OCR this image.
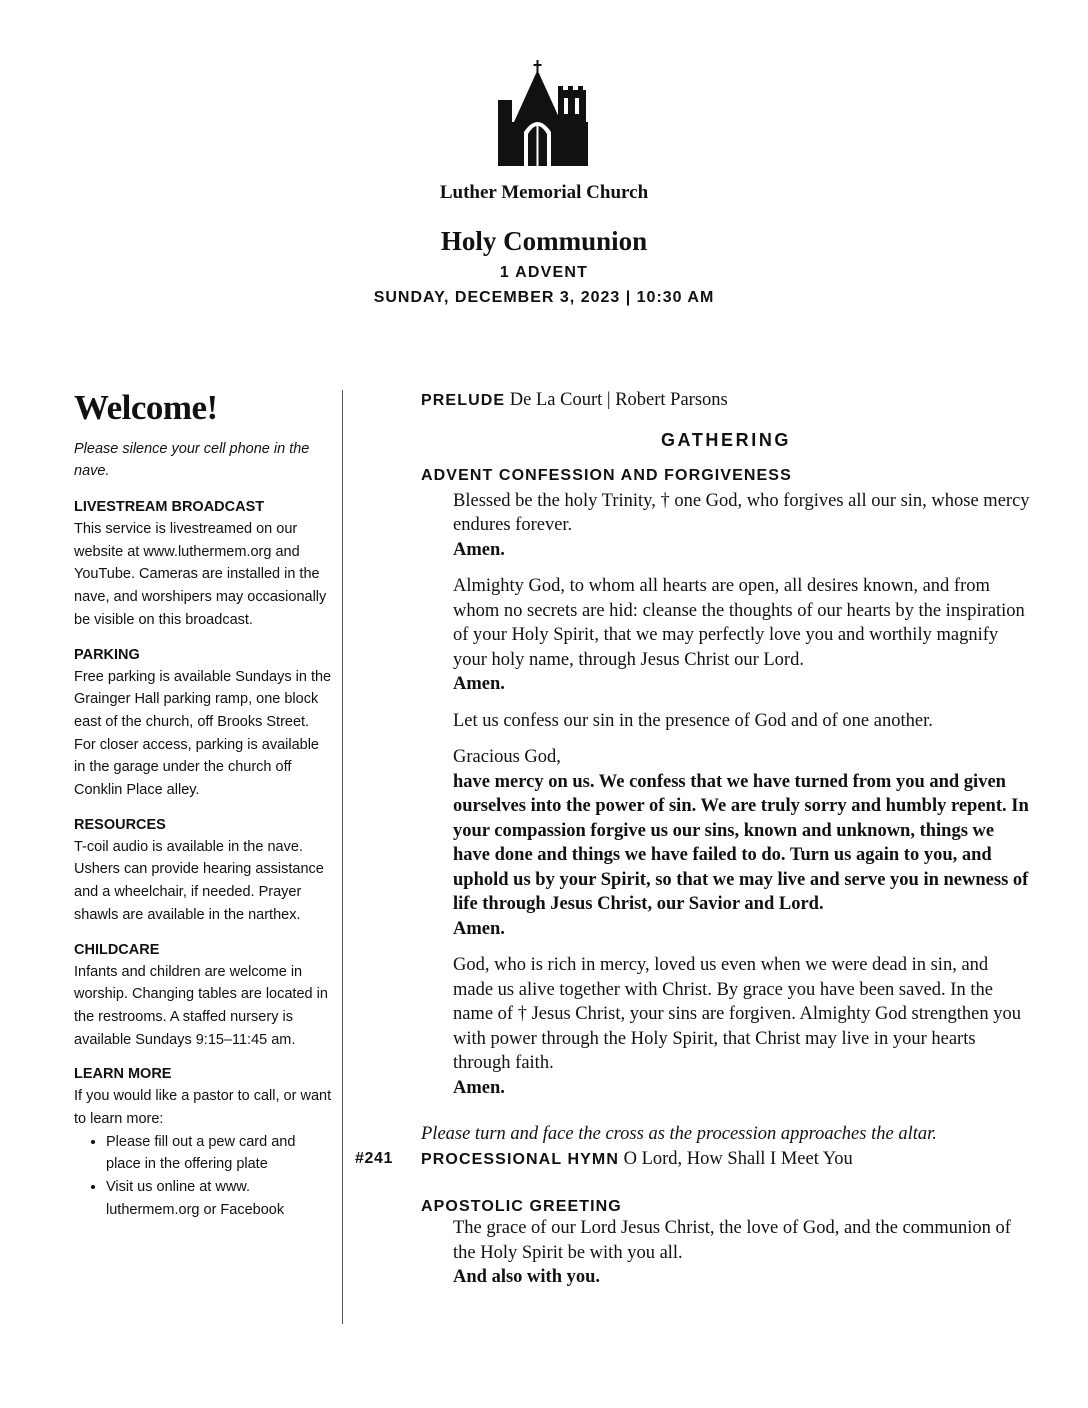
Luther Memorial Church
Holy Communion
1 ADVENT
SUNDAY, DECEMBER 3, 2023 | 10:30 AM
Welcome!

Please silence your cell phone in the nave.

LIVESTREAM BROADCAST

This service is livestreamed on our website at www.luthermem.org and YouTube. Cameras are installed in the nave, and worshipers may occasionally be visible on this broadcast.

PARKING

Free parking is available Sundays in the Grainger Hall parking ramp, one block east of the church, off Brooks Street. For closer access, parking is available in the garage under the church off Conklin Place alley.

RESOURCES

T-coil audio is available in the nave. Ushers can provide hearing assistance and a wheelchair, if needed. Prayer shawls are available in the narthex.

CHILDCARE

Infants and children are welcome in worship. Changing tables are located in the restrooms. A staffed nursery is available Sundays 9:15–11:45 am.

LEARN MORE

If you would like a pastor to call, or want to learn more:

• Please fill out a pew card and place in the offering plate
• Visit us online at www. luthermem.org or Facebook
PRELUDE De La Court | Robert Parsons
GATHERING
ADVENT CONFESSION AND FORGIVENESS
Blessed be the holy Trinity, † one God, who forgives all our sin, whose mercy endures forever.
Amen.
Almighty God, to whom all hearts are open, all desires known, and from whom no secrets are hid: cleanse the thoughts of our hearts by the inspiration of your Holy Spirit, that we may perfectly love you and worthily magnify your holy name, through Jesus Christ our Lord.
Amen.
Let us confess our sin in the presence of God and of one another.
Gracious God,
have mercy on us. We confess that we have turned from you and given ourselves into the power of sin. We are truly sorry and humbly repent. In your compassion forgive us our sins, known and unknown, things we have done and things we have failed to do. Turn us again to you, and uphold us by your Spirit, so that we may live and serve you in newness of life through Jesus Christ, our Savior and Lord.
Amen.
God, who is rich in mercy, loved us even when we were dead in sin, and made us alive together with Christ. By grace you have been saved. In the name of † Jesus Christ, your sins are forgiven. Almighty God strengthen you with power through the Holy Spirit, that Christ may live in your hearts through faith.
Amen.
Please turn and face the cross as the procession approaches the altar.
#241 PROCESSIONAL HYMN O Lord, How Shall I Meet You
APOSTOLIC GREETING
The grace of our Lord Jesus Christ, the love of God, and the communion of the Holy Spirit be with you all.
And also with you.
